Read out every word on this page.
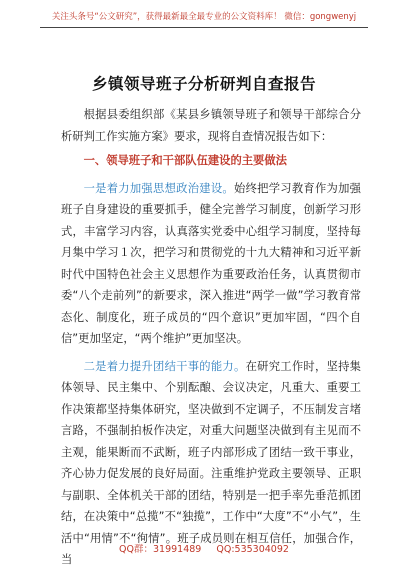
关注头条号“公文研究”，获得最新最全最专业的公文资料库！ 微信：gongwenyj
乡镇领导班子分析研判自查报告

根据县委组织部《某县乡镇领导班子和领导干部综合分析研判工作实施方案》要求，现将自查情况报告如下：

一、领导班子和干部队伍建设的主要做法

一是着力加强思想政治建设。始终把学习教育作为加强班子自身建设的重要抓手，健全完善学习制度，创新学习形式，丰富学习内容，认真落实党委中心组学习制度，坚持每月集中学习１次，把学习和贯彻党的十九大精神和习近平新时代中国特色社会主义思想作为重要政治任务，认真贯彻市委“八个走前列”的新要求，深入推进“两学一做”学习教育常态化、制度化，班子成员的“四个意识”更加牢固，“四个自信”更加坚定，“两个维护”更加坚决。

二是着力提升团结干事的能力。在研究工作时，坚持集体领导、民主集中、个别酝酿、会议决定，凡重大、重要工作决策都坚持集体研究，坚决做到不定调子，不压制发言堵言路，不强制拍板作决定，对重大问题坚决做到有主见而不主观，能果断而不武断，班子内部形成了团结一致干事业，齐心协力促发展的良好局面。注重维护党政主要领导、正职与副职、全体机关干部的团结，特别是一把手率先垂范抓团结，在决策中“总揽”不“独揽”，工作中“大度”不“小气”，生活中“用情”不“徇情”。班子成员则在相互信任，加强合作，当

QQ群：31991489 QQ:535304092
